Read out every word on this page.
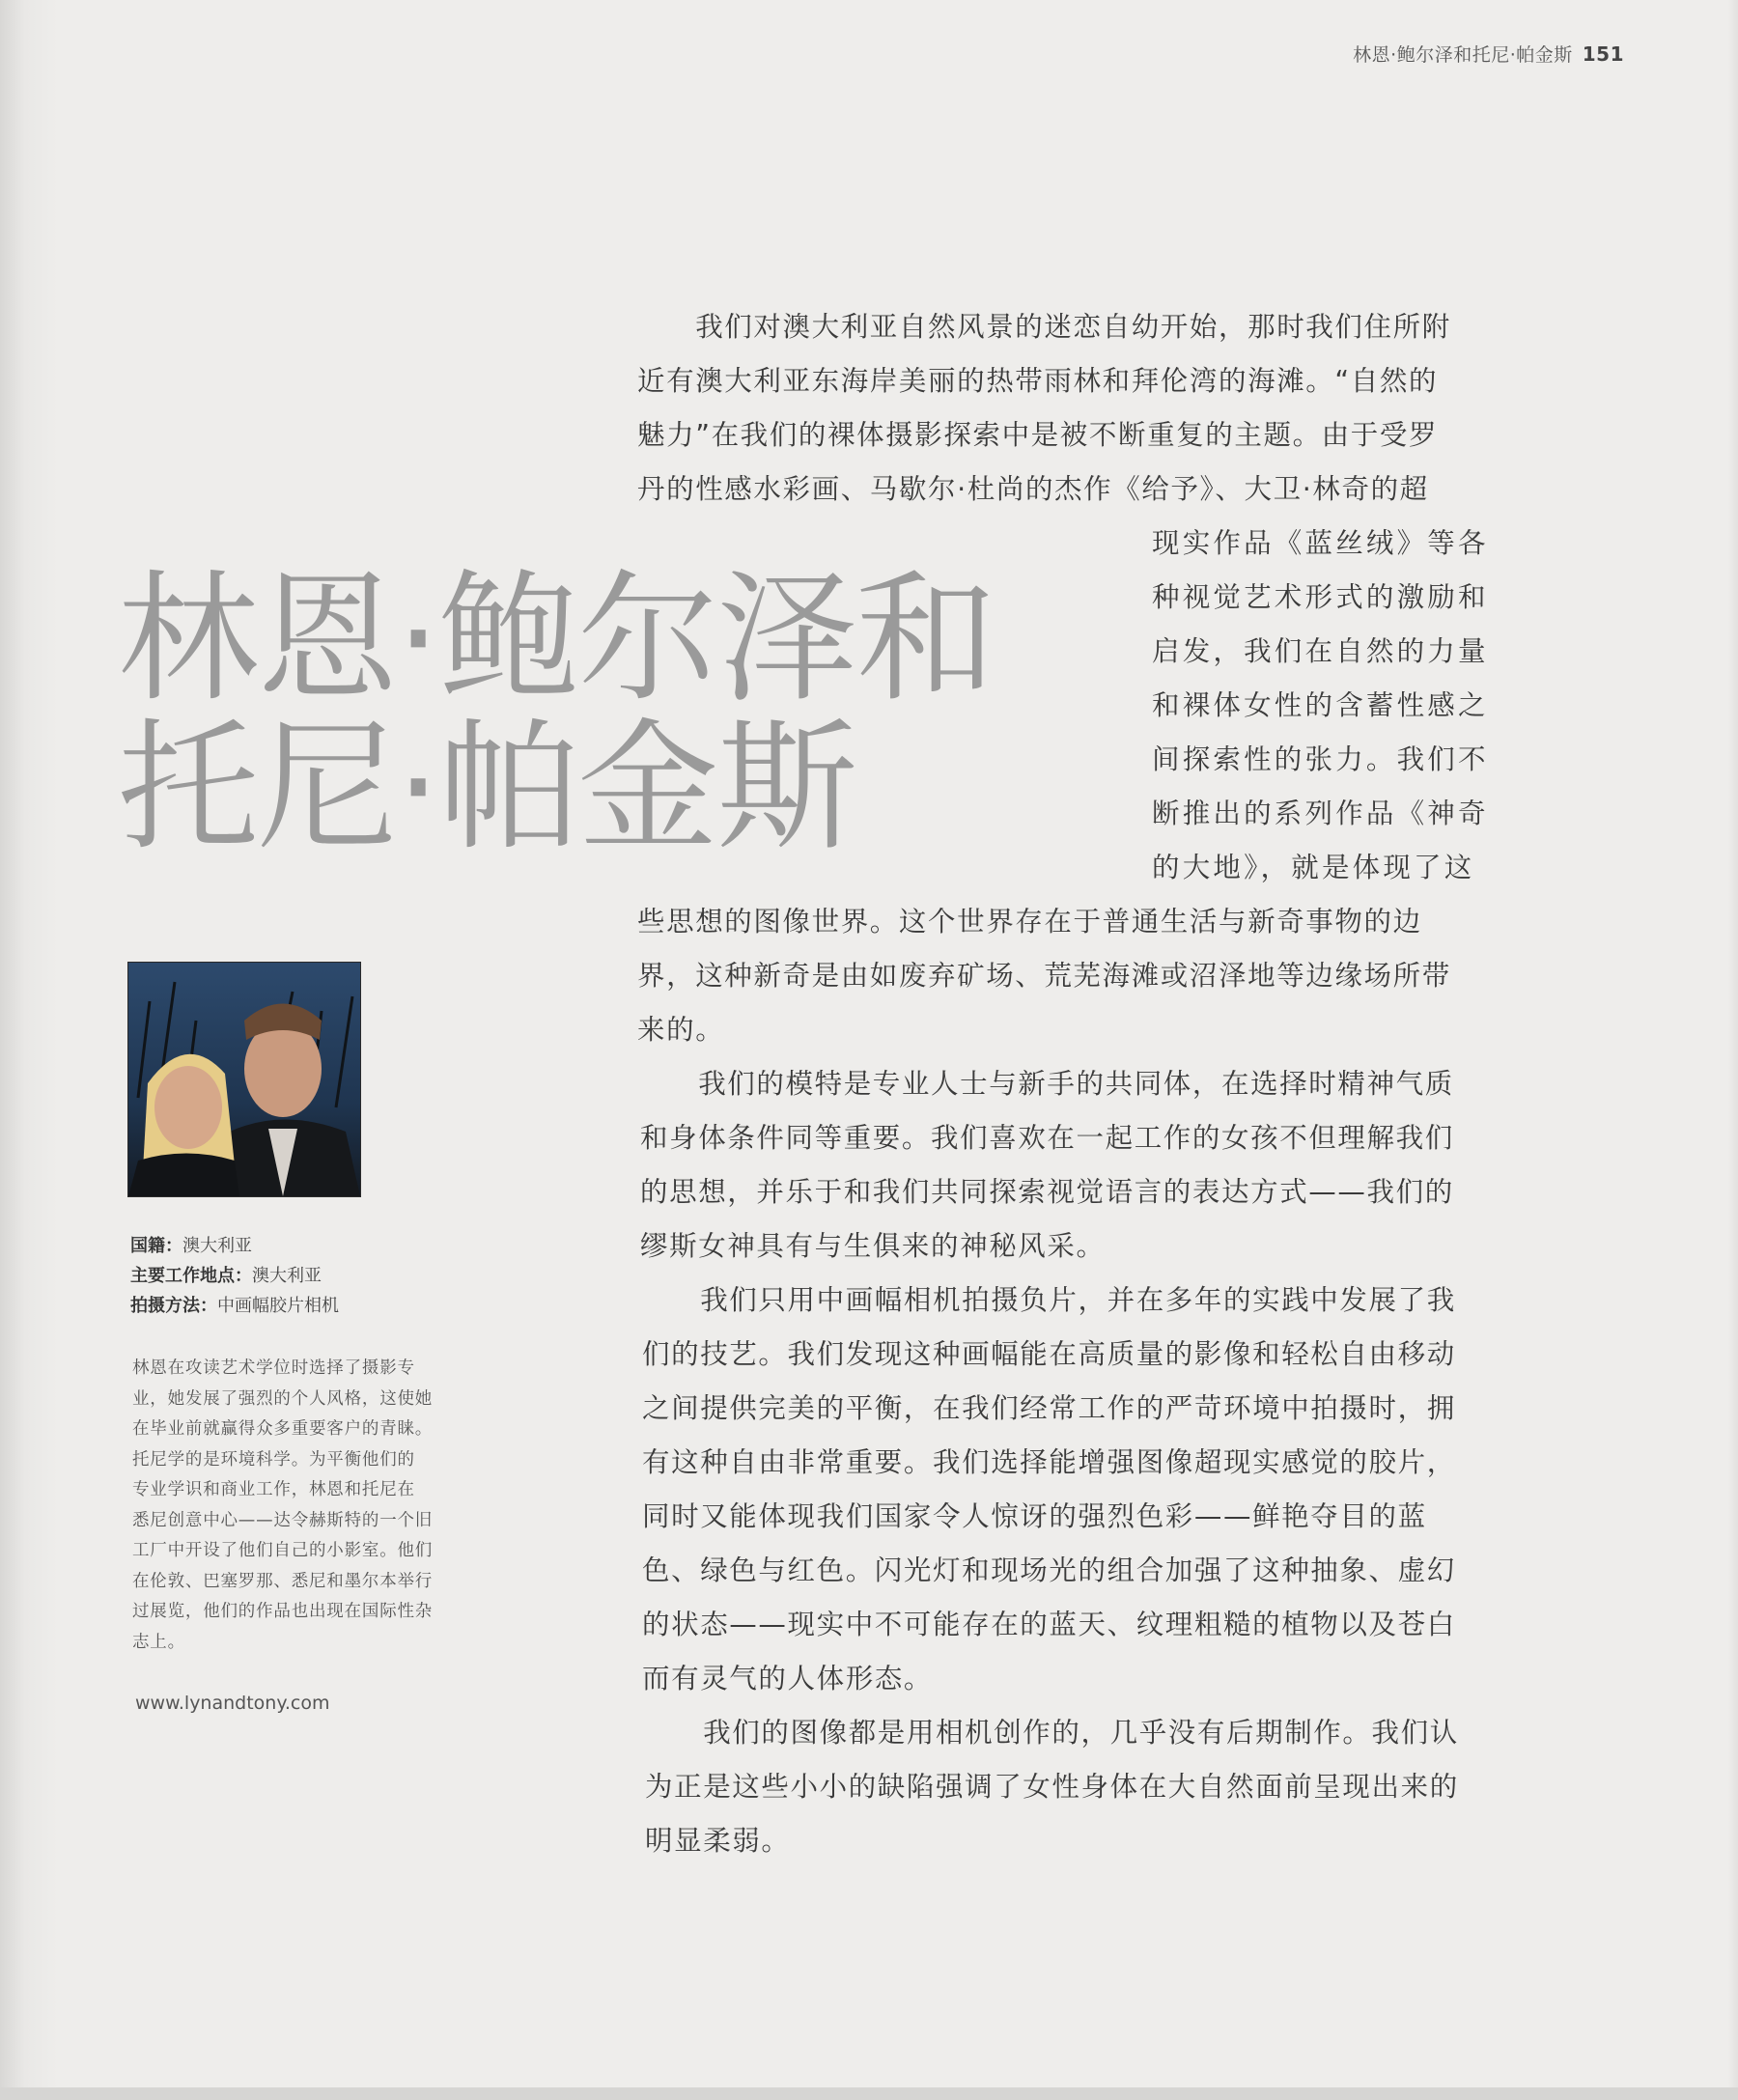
林恩·鲍尔泽和托尼·帕金斯 151
林恩·鲍尔泽和
托尼·帕金斯
　　我们对澳大利亚自然风景的迷恋自幼开始，那时我们住所附
近有澳大利亚东海岸美丽的热带雨林和拜伦湾的海滩。“自然的
魅力”在我们的裸体摄影探索中是被不断重复的主题。由于受罗
丹的性感水彩画、马歇尔·杜尚的杰作《给予》、大卫·林奇的超
现实作品《蓝丝绒》等各
种视觉艺术形式的激励和
启发，我们在自然的力量
和裸体女性的含蓄性感之
间探索性的张力。我们不
断推出的系列作品《神奇
的大地》，就是体现了这
些思想的图像世界。这个世界存在于普通生活与新奇事物的边
界，这种新奇是由如废弃矿场、荒芜海滩或沼泽地等边缘场所带
来的。
　　我们的模特是专业人士与新手的共同体，在选择时精神气质
和身体条件同等重要。我们喜欢在一起工作的女孩不但理解我们
的思想，并乐于和我们共同探索视觉语言的表达方式——我们的
缪斯女神具有与生俱来的神秘风采。
　　我们只用中画幅相机拍摄负片，并在多年的实践中发展了我
们的技艺。我们发现这种画幅能在高质量的影像和轻松自由移动
之间提供完美的平衡，在我们经常工作的严苛环境中拍摄时，拥
有这种自由非常重要。我们选择能增强图像超现实感觉的胶片，
同时又能体现我们国家令人惊讶的强烈色彩——鲜艳夺目的蓝
色、绿色与红色。闪光灯和现场光的组合加强了这种抽象、虚幻
的状态——现实中不可能存在的蓝天、纹理粗糙的植物以及苍白
而有灵气的人体形态。
　　我们的图像都是用相机创作的，几乎没有后期制作。我们认
为正是这些小小的缺陷强调了女性身体在大自然面前呈现出来的
明显柔弱。
国籍：澳大利亚
主要工作地点：澳大利亚
拍摄方法：中画幅胶片相机
林恩在攻读艺术学位时选择了摄影专
业，她发展了强烈的个人风格，这使她
在毕业前就赢得众多重要客户的青睐。
托尼学的是环境科学。为平衡他们的
专业学识和商业工作，林恩和托尼在
悉尼创意中心——达令赫斯特的一个旧
工厂中开设了他们自己的小影室。他们
在伦敦、巴塞罗那、悉尼和墨尔本举行
过展览，他们的作品也出现在国际性杂
志上。
www.lynandtony.com
